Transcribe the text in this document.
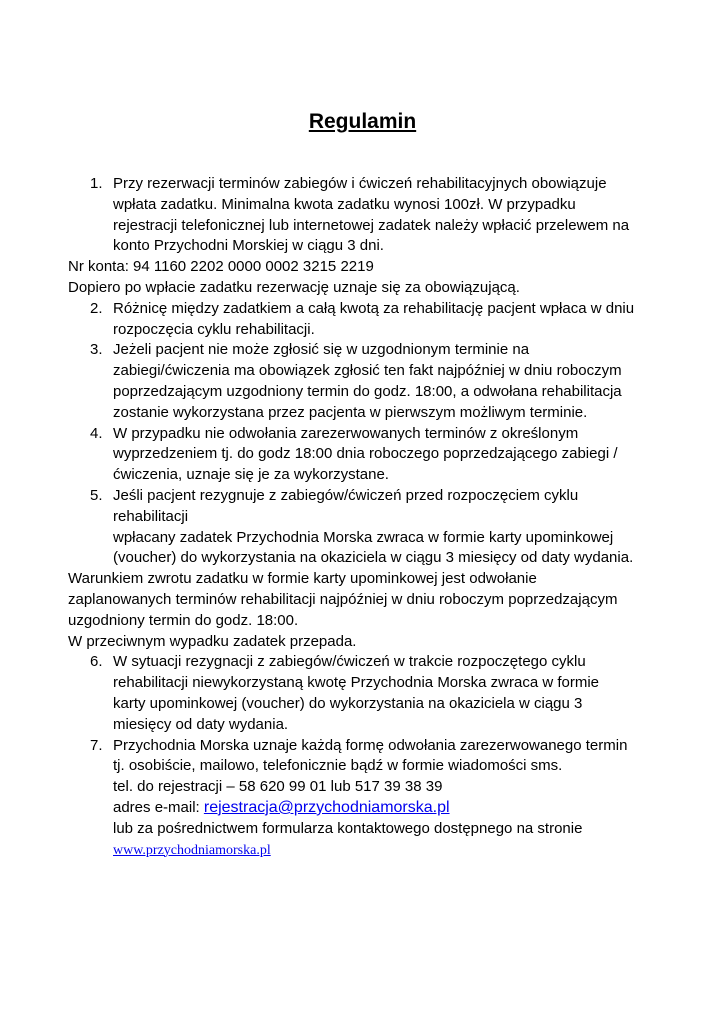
Regulamin
1. Przy rezerwacji terminów zabiegów i ćwiczeń rehabilitacyjnych obowiązuje
wpłata zadatku. Minimalna kwota zadatku wynosi 100zł. W przypadku
rejestracji telefonicznej lub internetowej zadatek należy wpłacić przelewem na
konto Przychodni Morskiej w ciągu 3 dni.

Nr konta: 94 1160 2202 0000 0002 3215 2219

Dopiero po wpłacie zadatku rezerwację uznaje się za obowiązującą.

2. Różnicę między zadatkiem a całą kwotą za rehabilitację pacjent wpłaca w dniu
rozpoczęcia cyklu rehabilitacji.
3. Jeżeli pacjent nie może zgłosić się w uzgodnionym terminie na
zabiegi/ćwiczenia ma obowiązek zgłosić ten fakt najpóźniej w dniu roboczym
poprzedzającym uzgodniony termin do godz. 18:00, a odwołana rehabilitacja
zostanie wykorzystana przez pacjenta w pierwszym możliwym terminie.
4. W przypadku nie odwołania zarezerwowanych terminów z określonym
wyprzedzeniem tj. do godz 18:00 dnia roboczego poprzedzającego zabiegi /
ćwiczenia, uznaje się je za wykorzystane.
5. Jeśli pacjent rezygnuje z zabiegów/ćwiczeń przed rozpoczęciem cyklu
rehabilitacji
wpłacany zadatek Przychodnia Morska zwraca w formie karty upominkowej
(voucher) do wykorzystania na okaziciela w ciągu 3 miesięcy od daty wydania.

Warunkiem zwrotu zadatku w formie karty upominkowej jest odwołanie
zaplanowanych terminów rehabilitacji najpóźniej w dniu roboczym poprzedzającym
uzgodniony termin do godz. 18:00.

W przeciwnym wypadku zadatek przepada.

6. W sytuacji rezygnacji z zabiegów/ćwiczeń w trakcie rozpoczętego cyklu
rehabilitacji niewykorzystaną kwotę Przychodnia Morska zwraca w formie
karty upominkowej (voucher) do wykorzystania na okaziciela w ciągu 3
miesięcy od daty wydania.
7. Przychodnia Morska uznaje każdą formę odwołania zarezerwowanego termin
tj. osobiście, mailowo, telefonicznie bądź w formie wiadomości sms.
tel. do rejestracji – 58 620 99 01 lub 517 39 38 39
adres e-mail: rejestracja@przychodniamorska.pl
lub za pośrednictwem formularza kontaktowego dostępnego na stronie
www.przychodniamorska.pl
